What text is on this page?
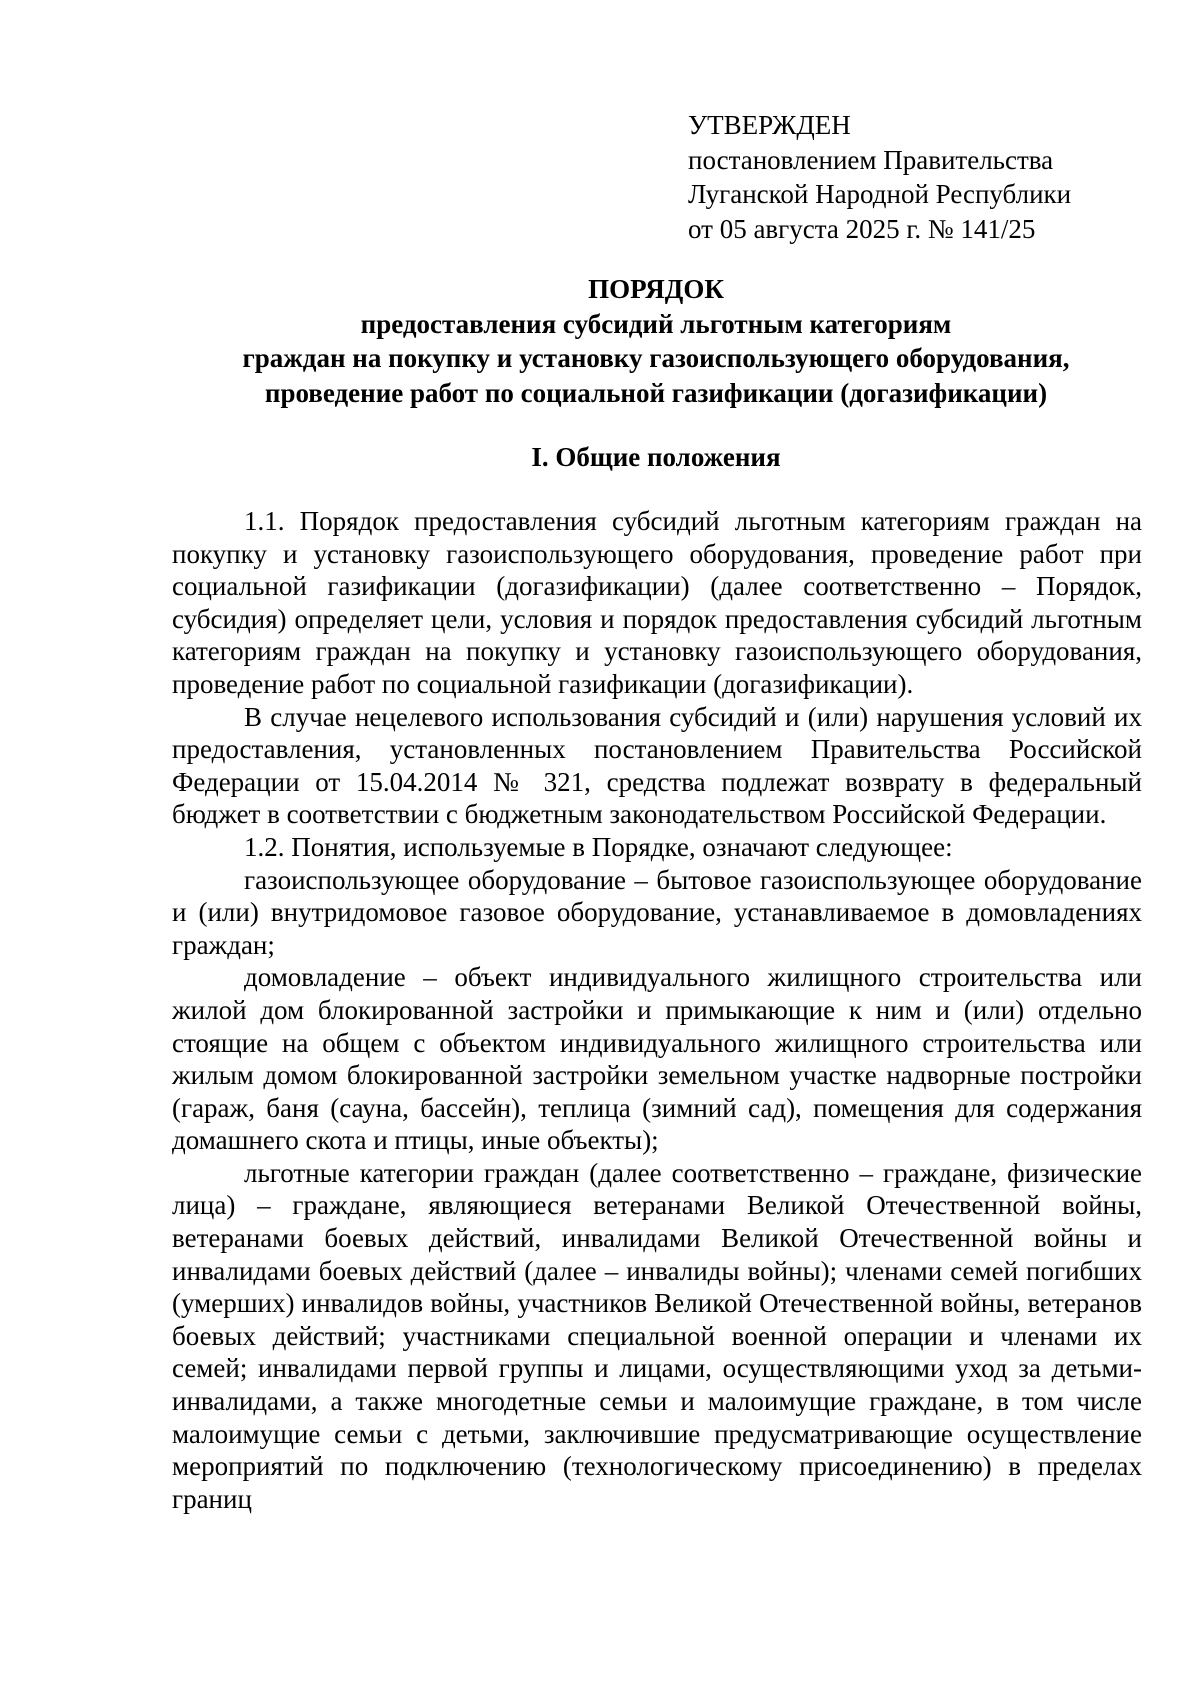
УТВЕРЖДЕН
постановлением Правительства
Луганской Народной Республики
от 05 августа 2025 г. № 141/25
ПОРЯДОК
предоставления субсидий льготным категориям
граждан на покупку и установку газоиспользующего оборудования,
проведение работ по социальной газификации (догазификации)
I. Общие положения

1.1. Порядок предоставления субсидий льготным категориям граждан на покупку и установку газоиспользующего оборудования, проведение работ при социальной газификации (догазификации) (далее соответственно – Порядок, субсидия) определяет цели, условия и порядок предоставления субсидий льготным категориям граждан на покупку и установку газоиспользующего оборудования, проведение работ по социальной газификации (догазификации).

В случае нецелевого использования субсидий и (или) нарушения условий их предоставления, установленных постановлением Правительства Российской Федерации от 15.04.2014 № 321, средства подлежат возврату в федеральный бюджет в соответствии с бюджетным законодательством Российской Федерации.

1.2. Понятия, используемые в Порядке, означают следующее:

газоиспользующее оборудование – бытовое газоиспользующее оборудование и (или) внутридомовое газовое оборудование, устанавливаемое в домовладениях граждан;

домовладение – объект индивидуального жилищного строительства или жилой дом блокированной застройки и примыкающие к ним и (или) отдельно стоящие на общем с объектом индивидуального жилищного строительства или жилым домом блокированной застройки земельном участке надворные постройки (гараж, баня (сауна, бассейн), теплица (зимний сад), помещения для содержания домашнего скота и птицы, иные объекты);

льготные категории граждан (далее соответственно – граждане, физические лица) – граждане, являющиеся ветеранами Великой Отечественной войны, ветеранами боевых действий, инвалидами Великой Отечественной войны и инвалидами боевых действий (далее – инвалиды войны); членами семей погибших (умерших) инвалидов войны, участников Великой Отечественной войны, ветеранов боевых действий; участниками специальной военной операции и членами их семей; инвалидами первой группы и лицами, осуществляющими уход за детьми-инвалидами, а также многодетные семьи и малоимущие граждане, в том числе малоимущие семьи с детьми, заключившие предусматривающие осуществление мероприятий по подключению (технологическому присоединению) в пределах границ
